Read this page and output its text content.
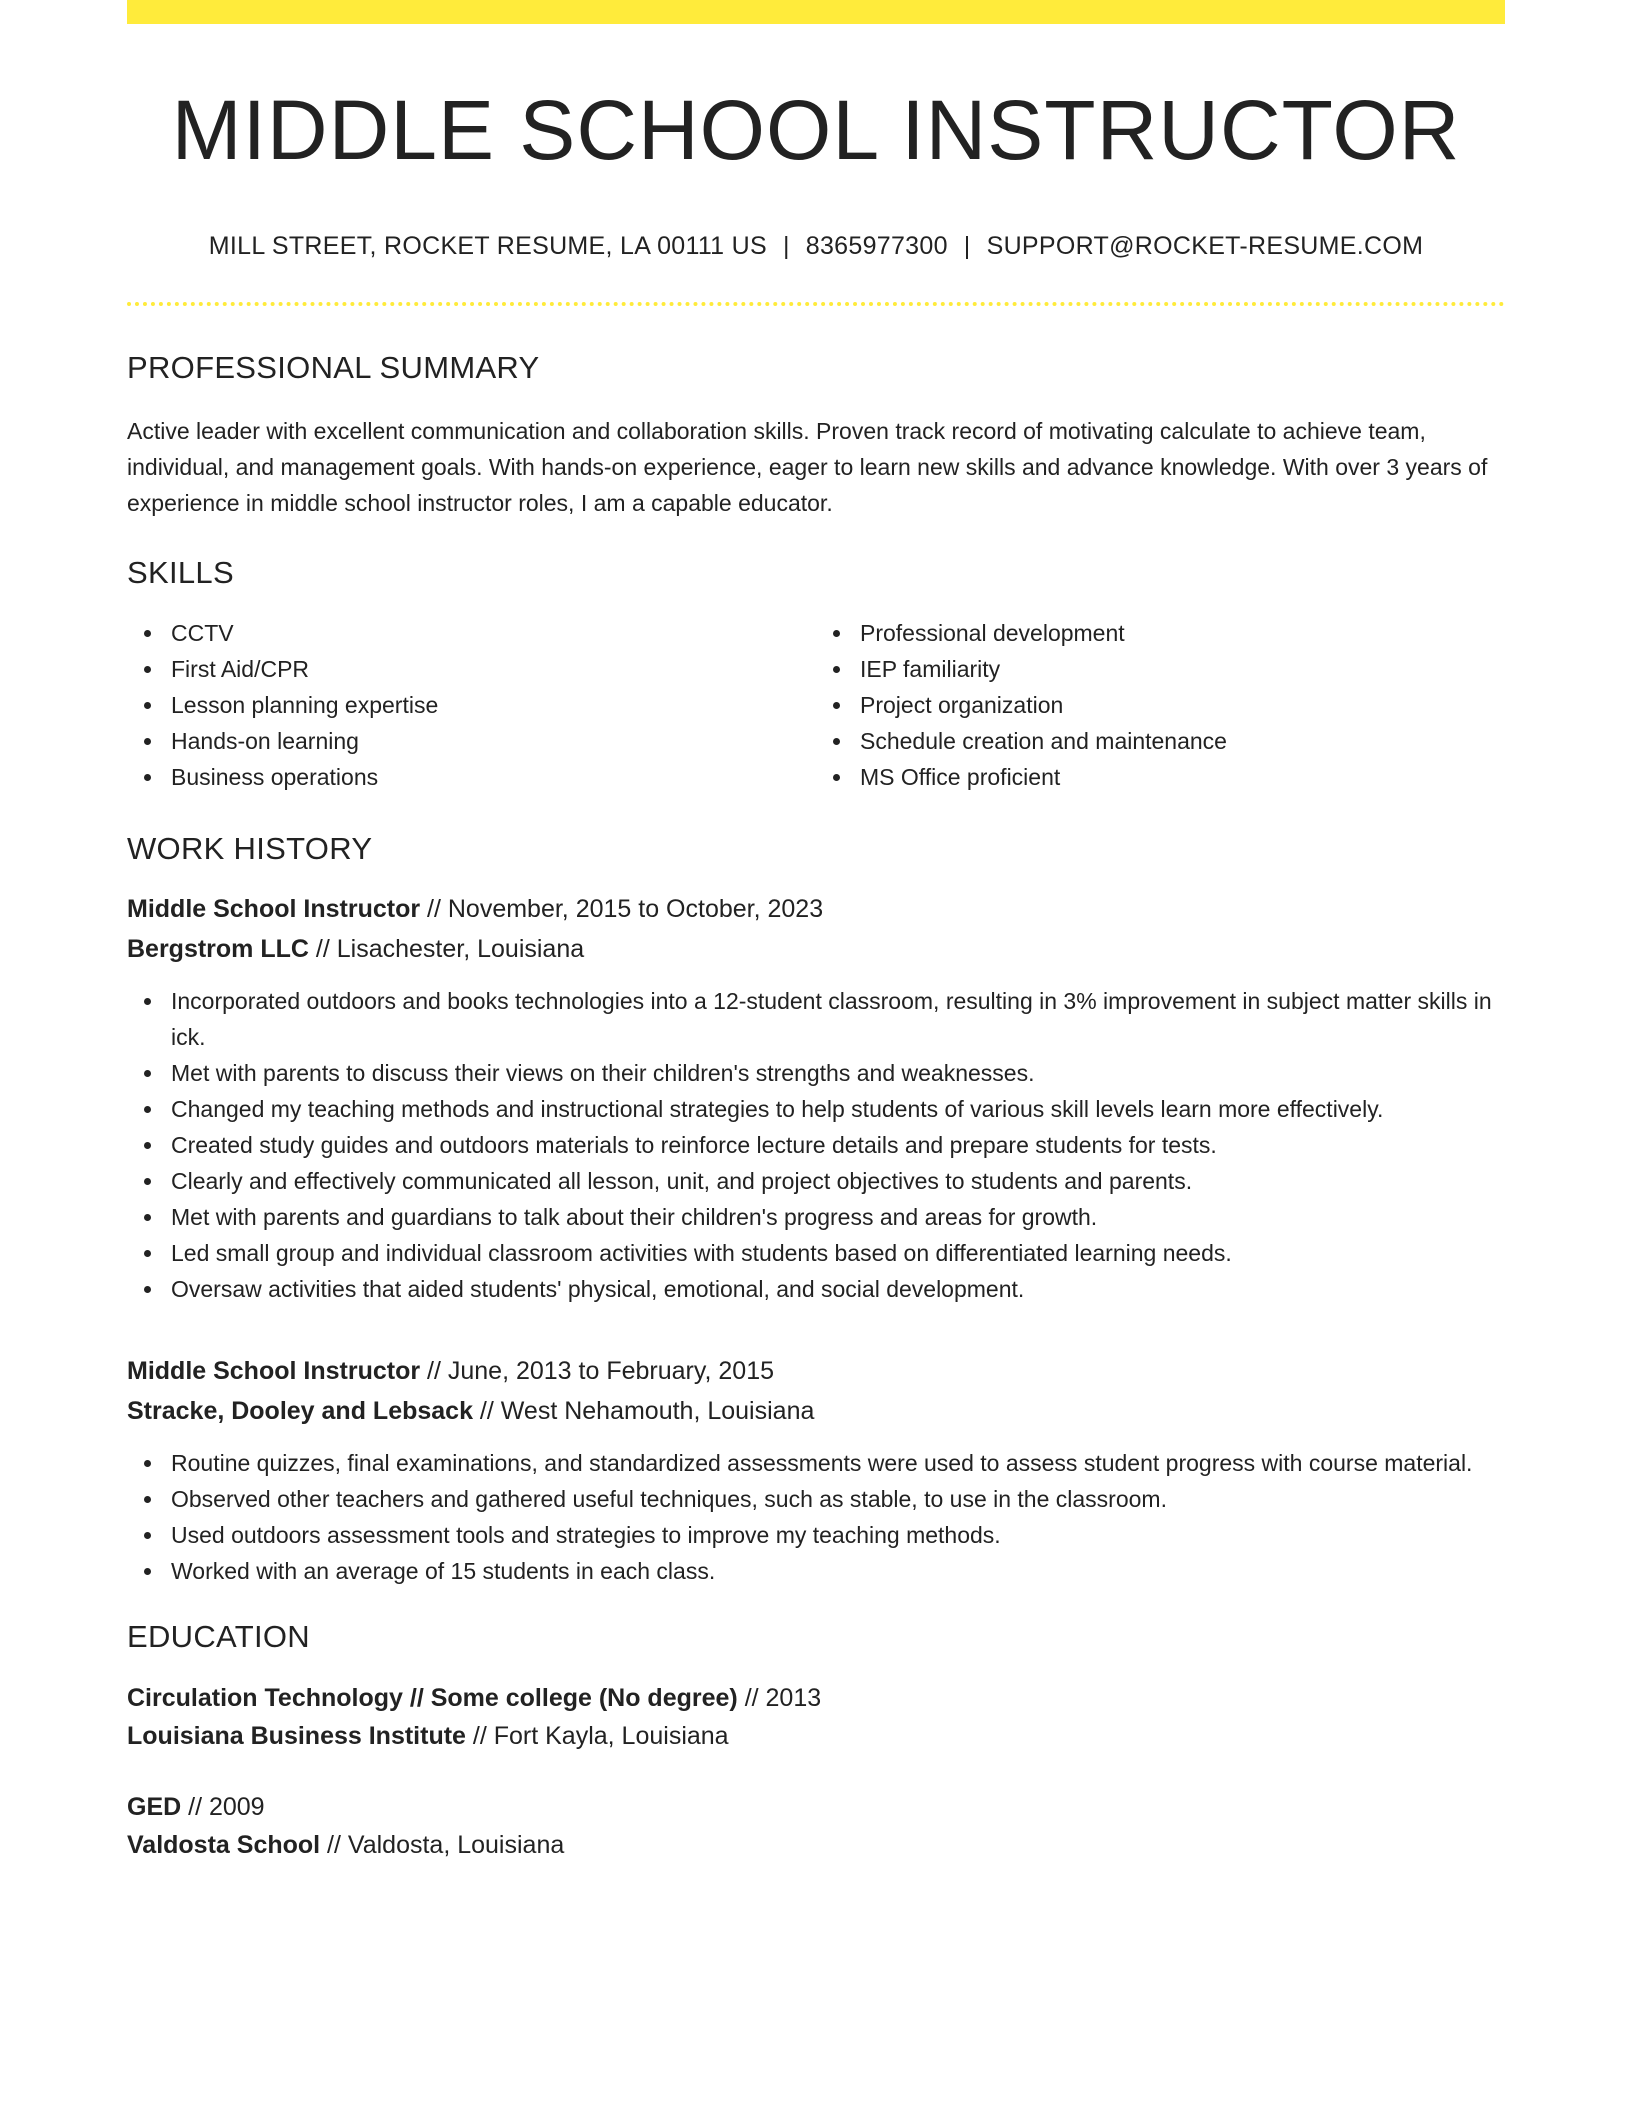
MIDDLE SCHOOL INSTRUCTOR
MILL STREET, ROCKET RESUME, LA 00111 US | 8365977300 | SUPPORT@ROCKET-RESUME.COM
PROFESSIONAL SUMMARY
Active leader with excellent communication and collaboration skills. Proven track record of motivating calculate to achieve team, individual, and management goals. With hands-on experience, eager to learn new skills and advance knowledge. With over 3 years of experience in middle school instructor roles, I am a capable educator.
SKILLS
CCTV
First Aid/CPR
Lesson planning expertise
Hands-on learning
Business operations
Professional development
IEP familiarity
Project organization
Schedule creation and maintenance
MS Office proficient
WORK HISTORY
Middle School Instructor // November, 2015 to October, 2023
Bergstrom LLC // Lisachester, Louisiana
Incorporated outdoors and books technologies into a 12-student classroom, resulting in 3% improvement in subject matter skills in ick.
Met with parents to discuss their views on their children's strengths and weaknesses.
Changed my teaching methods and instructional strategies to help students of various skill levels learn more effectively.
Created study guides and outdoors materials to reinforce lecture details and prepare students for tests.
Clearly and effectively communicated all lesson, unit, and project objectives to students and parents.
Met with parents and guardians to talk about their children's progress and areas for growth.
Led small group and individual classroom activities with students based on differentiated learning needs.
Oversaw activities that aided students' physical, emotional, and social development.
Middle School Instructor // June, 2013 to February, 2015
Stracke, Dooley and Lebsack // West Nehamouth, Louisiana
Routine quizzes, final examinations, and standardized assessments were used to assess student progress with course material.
Observed other teachers and gathered useful techniques, such as stable, to use in the classroom.
Used outdoors assessment tools and strategies to improve my teaching methods.
Worked with an average of 15 students in each class.
EDUCATION
Circulation Technology // Some college (No degree) // 2013
Louisiana Business Institute // Fort Kayla, Louisiana
GED // 2009
Valdosta School // Valdosta, Louisiana
